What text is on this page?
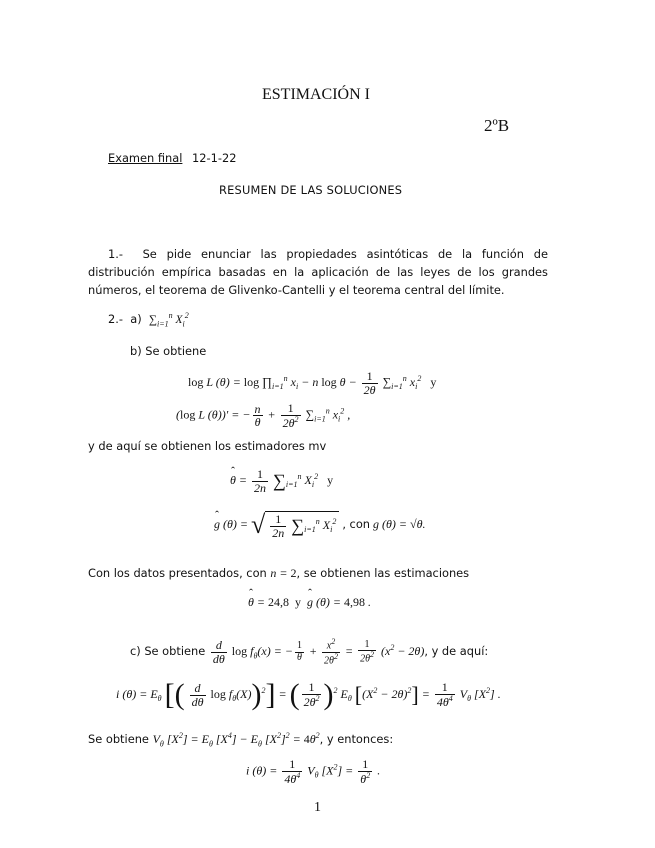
ESTIMACIÓN I
2ºB
Examen final 12-1-22
RESUMEN DE LAS SOLUCIONES
1.- Se pide enunciar las propiedades asintóticas de la función de distribución empírica basadas en la aplicación de las leyes de los grandes números, el teorema de Glivenko-Cantelli y el teorema central del límite.
2.- a) $\sum_{i=1}^n$ $X_i^2$
b) Se obtiene
log L $(\theta) = \log \prod_{i=1}^n$ $x_i - n$ $\log \theta - \frac{1}{2\theta} \sum_{i=1}^n$ $x_i^2$ y
(log L (θ))′ = − $\frac{n}{\theta} + \frac{1}{2\theta^2} \sum_{i=1}^n$ $x_i^2$ ,
y de aquí se obtienen los estimadores mv
ˆ $\theta = \frac{1}{2n} \sum_{i=1}^n$ $X_i^2$ y
ˆ g (θ) = √ $\frac{1}{2n} \sum_{i=1}^n$ $X_i^2$ , con g (θ) = √θ.
Con los datos presentados, con n = 2, se obtienen las estimaciones
ˆ θ = 24,8 y  ˆ g (θ) = 4,98 .
c) Se obtiene $\frac{d}{d\theta}$ $\log f_\theta(x)$ = − $\frac{1}{\theta} + \frac{x^2}{2\theta^2} = \frac{1}{2\theta^2} (x^2 - 2\theta)$, y de aquí:
i $(\theta) = E_\theta$ [( $\frac{d}{d\theta}$ $\log f_\theta(X))^2$] = ( $\frac{1}{2\theta^2} )^2$ $E_\theta$ $[(X^2 - 2\theta)^2] = \frac{1}{4\theta^4} V_\theta$ $[X^2]$ .
Se obtiene $V_\theta$ $[X^2] = E_\theta$ $[X^4] - E_\theta$ $[X^2]^2 = 4\theta^2$, y entonces:
i $(\theta) = \frac{1}{4\theta^4} V_\theta$ $[X^2] = \frac{1}{\theta^2}$ .
1
